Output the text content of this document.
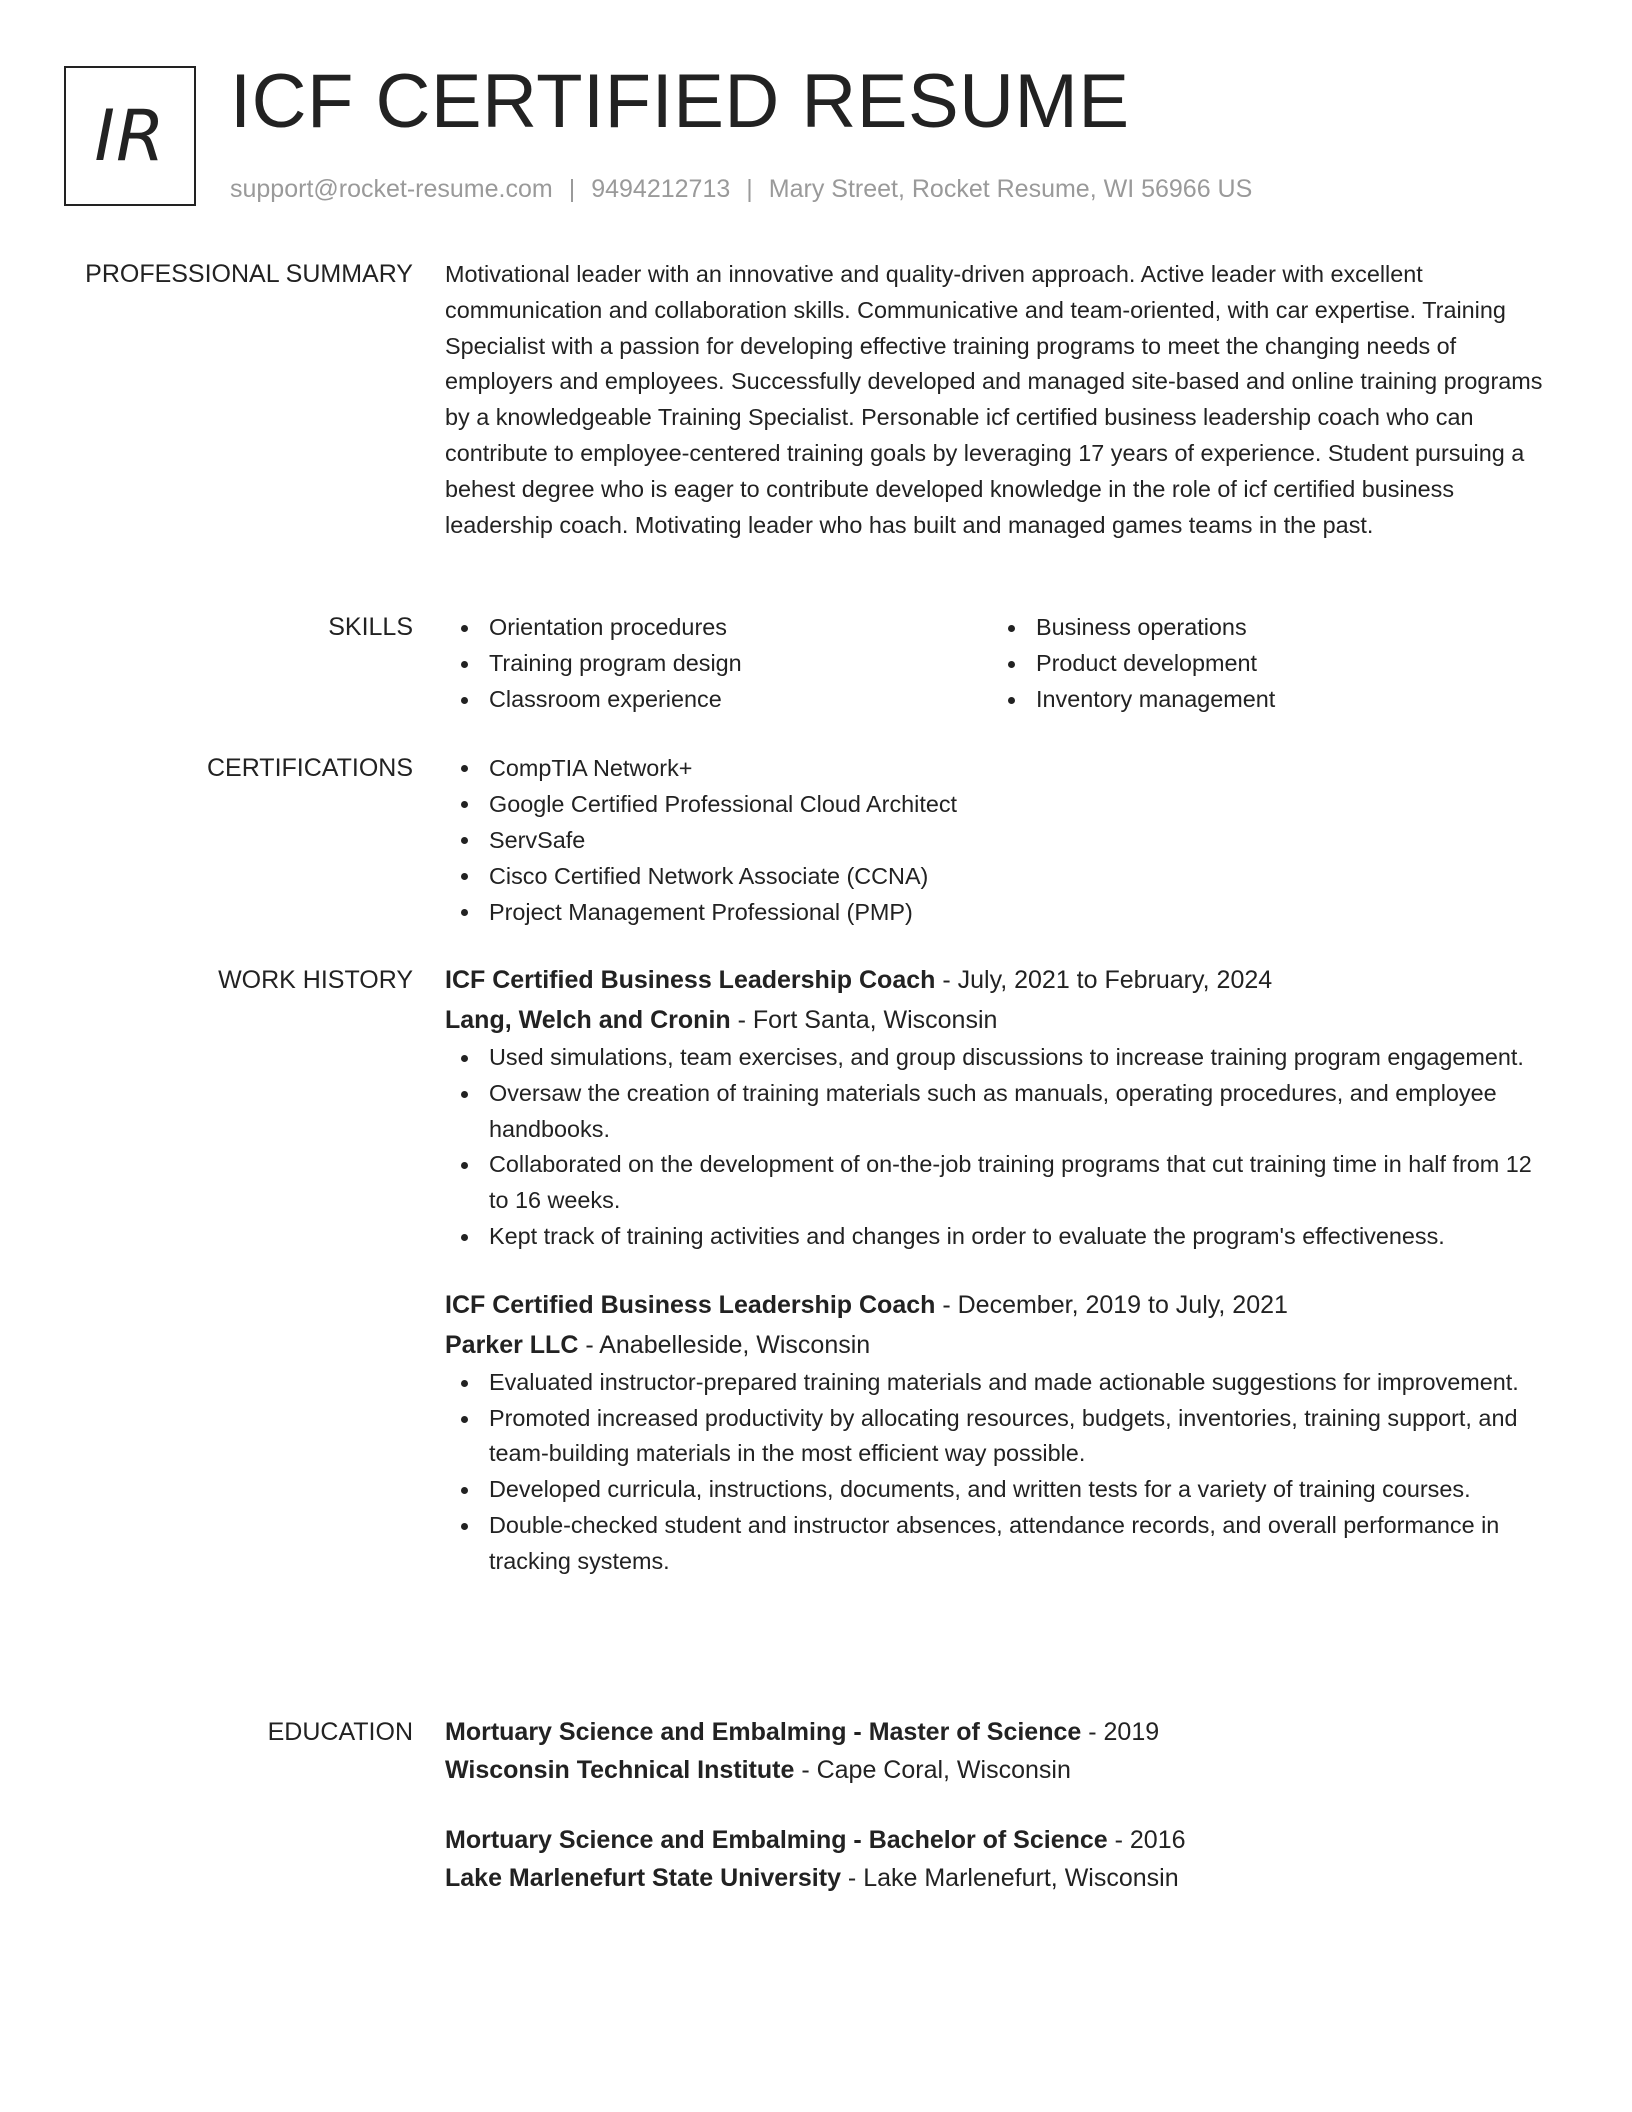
IR ICF CERTIFIED RESUME
support@rocket-resume.com | 9494212713 | Mary Street, Rocket Resume, WI 56966 US
PROFESSIONAL SUMMARY Motivational leader with an innovative and quality-driven approach. Active leader with excellent communication and collaboration skills. Communicative and team-oriented, with car expertise. Training Specialist with a passion for developing effective training programs to meet the changing needs of employers and employees. Successfully developed and managed site-based and online training programs by a knowledgeable Training Specialist. Personable icf certified business leadership coach who can contribute to employee-centered training goals by leveraging 17 years of experience. Student pursuing a behest degree who is eager to contribute developed knowledge in the role of icf certified business leadership coach. Motivating leader who has built and managed games teams in the past.

SKILLS	Orientation procedures
Training program design
Classroom experience
Business operations
Product development
Inventory management
CERTIFICATIONS	CompTIA Network+
Google Certified Professional Cloud Architect
ServSafe
Cisco Certified Network Associate (CCNA)
Project Management Professional (PMP)
WORK HISTORY ICF Certified Business Leadership Coach - July, 2021 to February, 2024
Lang, Welch and Cronin - Fort Santa, Wisconsin
Used simulations, team exercises, and group discussions to increase training program engagement.
Oversaw the creation of training materials such as manuals, operating procedures, and employee handbooks.
Collaborated on the development of on-the-job training programs that cut training time in half from 12 to 16 weeks.
Kept track of training activities and changes in order to evaluate the program's effectiveness.
ICF Certified Business Leadership Coach - December, 2019 to July, 2021
Parker LLC - Anabelleside, Wisconsin
Evaluated instructor-prepared training materials and made actionable suggestions for improvement.
Promoted increased productivity by allocating resources, budgets, inventories, training support, and team-building materials in the most efficient way possible.
Developed curricula, instructions, documents, and written tests for a variety of training courses.
Double-checked student and instructor absences, attendance records, and overall performance in tracking systems.
EDUCATION Mortuary Science and Embalming - Master of Science - 2019
Wisconsin Technical Institute - Cape Coral, Wisconsin
Mortuary Science and Embalming - Bachelor of Science - 2016
Lake Marlenefurt State University - Lake Marlenefurt, Wisconsin
